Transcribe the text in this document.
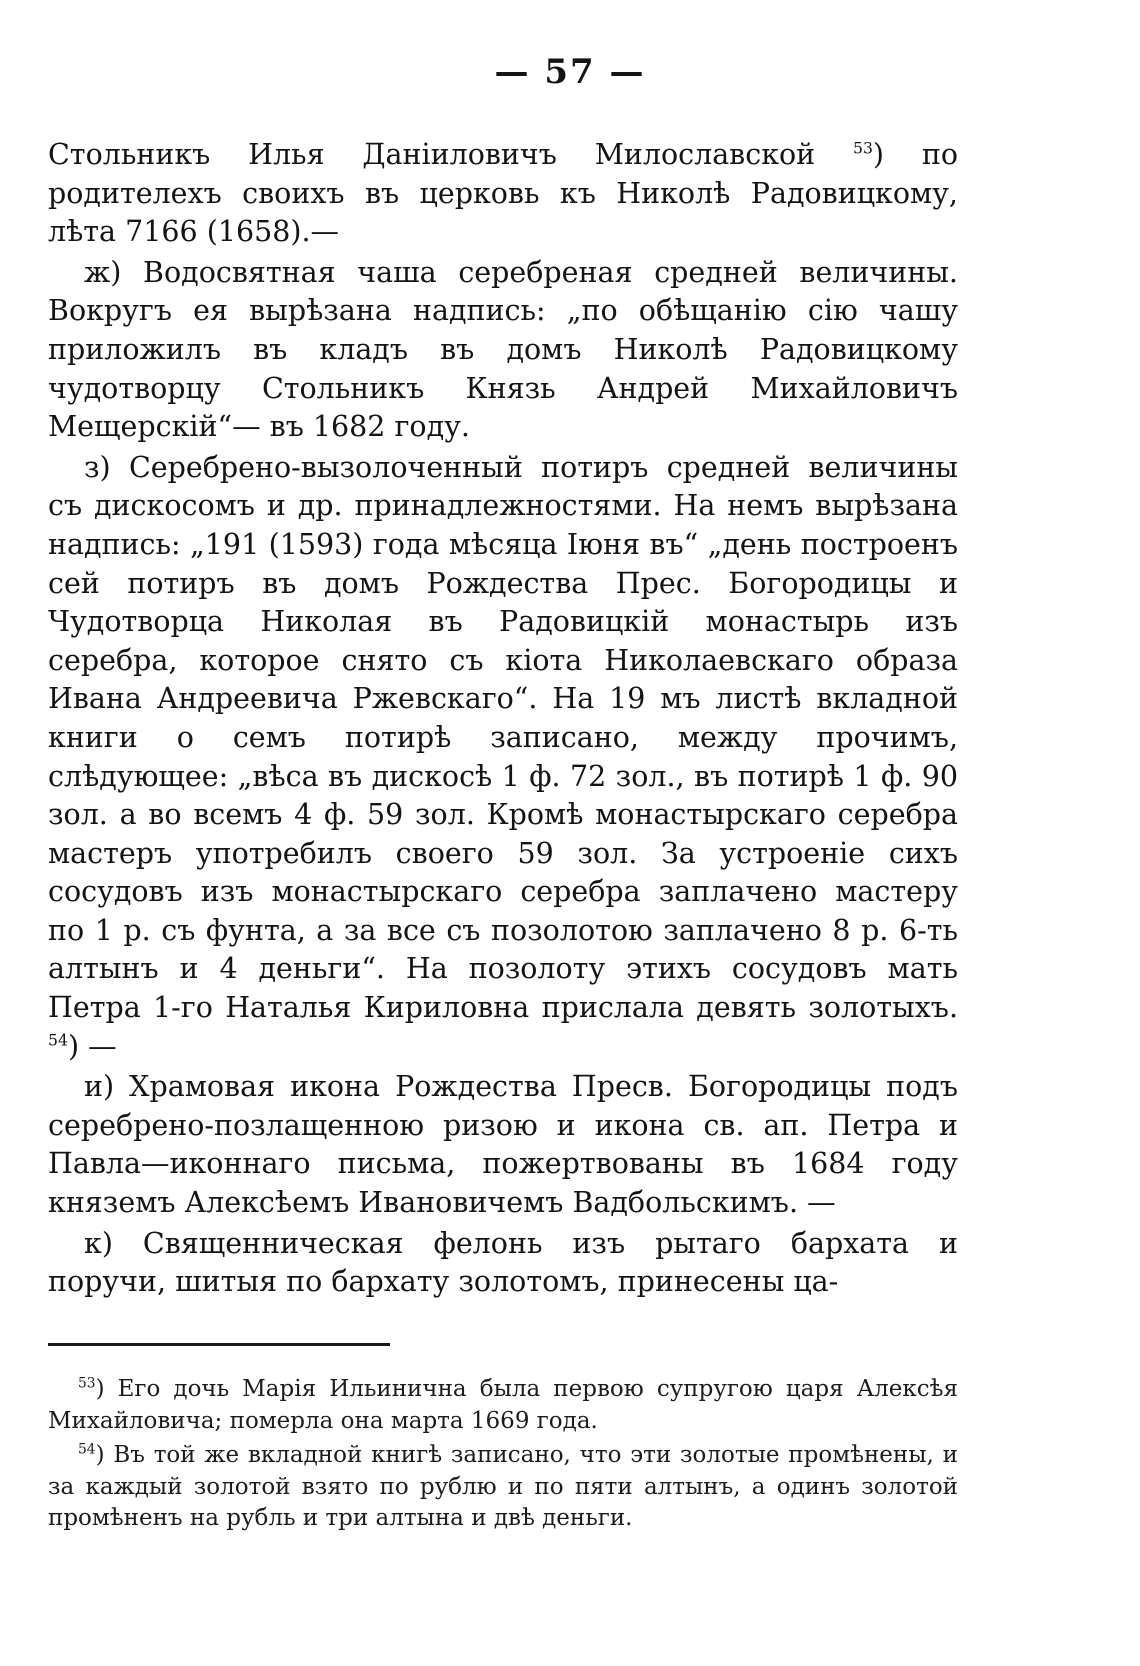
— 57 —

Стольникъ Илья Даніиловичъ Милославской $^{53}$) по родителехъ своихъ въ церковь къ Николѣ Радовицкому, лѣта 7166 (1658).—

ж) Водосвятная чаша серебреная средней величины. Вокругъ ея вырѣзана надпись: „по обѣщанію сію чашу приложилъ въ кладъ въ домъ Николѣ Радовицкому чудотворцу Стольникъ Князь Андрей Михайловичъ Мещерскій“— въ 1682 году.

з) Серебрено-вызолоченный потиръ средней величины съ дискосомъ и др. принадлежностями. На немъ вырѣзана надпись: „191 (1593) года мѣсяца Іюня въ“ „день построенъ сей потиръ въ домъ Рождества Прес. Богородицы и Чудотворца Николая въ Радовицкій монастырь изъ серебра, которое снято съ кіота Николаевскаго образа Ивана Андреевича Ржевскаго“. На 19 мъ листѣ вкладной книги о семъ потирѣ записано, между прочимъ, слѣдующее: „вѣса въ дискосѣ 1 ф. 72 зол., въ потирѣ 1 ф. 90 зол. а во всемъ 4 ф. 59 зол. Кромѣ монастырскаго серебра мастеръ употребилъ своего 59 зол. За устроеніе сихъ сосудовъ изъ монастырскаго серебра заплачено мастеру по 1 р. съ фунта, а за все съ позолотою заплачено 8 р. 6-ть алтынъ и 4 деньги“. На позолоту этихъ сосудовъ мать Петра 1-го Наталья Кириловна прислала девять золотыхъ. $^{54}$) —

и) Храмовая икона Рождества Пресв. Богородицы подъ серебрено-позлащенною ризою и икона св. ап. Петра и Павла—иконнаго письма, пожертвованы въ 1684 году княземъ Алексѣемъ Ивановичемъ Вадбольскимъ. —

к) Священническая фелонь изъ рытаго бархата и поручи, шитыя по бархату золотомъ, принесены ца-

$^{53}$) Его дочь Марія Ильинична была первою супругою царя Алексѣя Михайловича; померла она марта 1669 года.

$^{54}$) Въ той же вкладной книгѣ записано, что эти золотые промѣнены, и за каждый золотой взято по рублю и по пяти алтынъ, а одинъ золотой промѣненъ на рубль и три алтына и двѣ деньги.
